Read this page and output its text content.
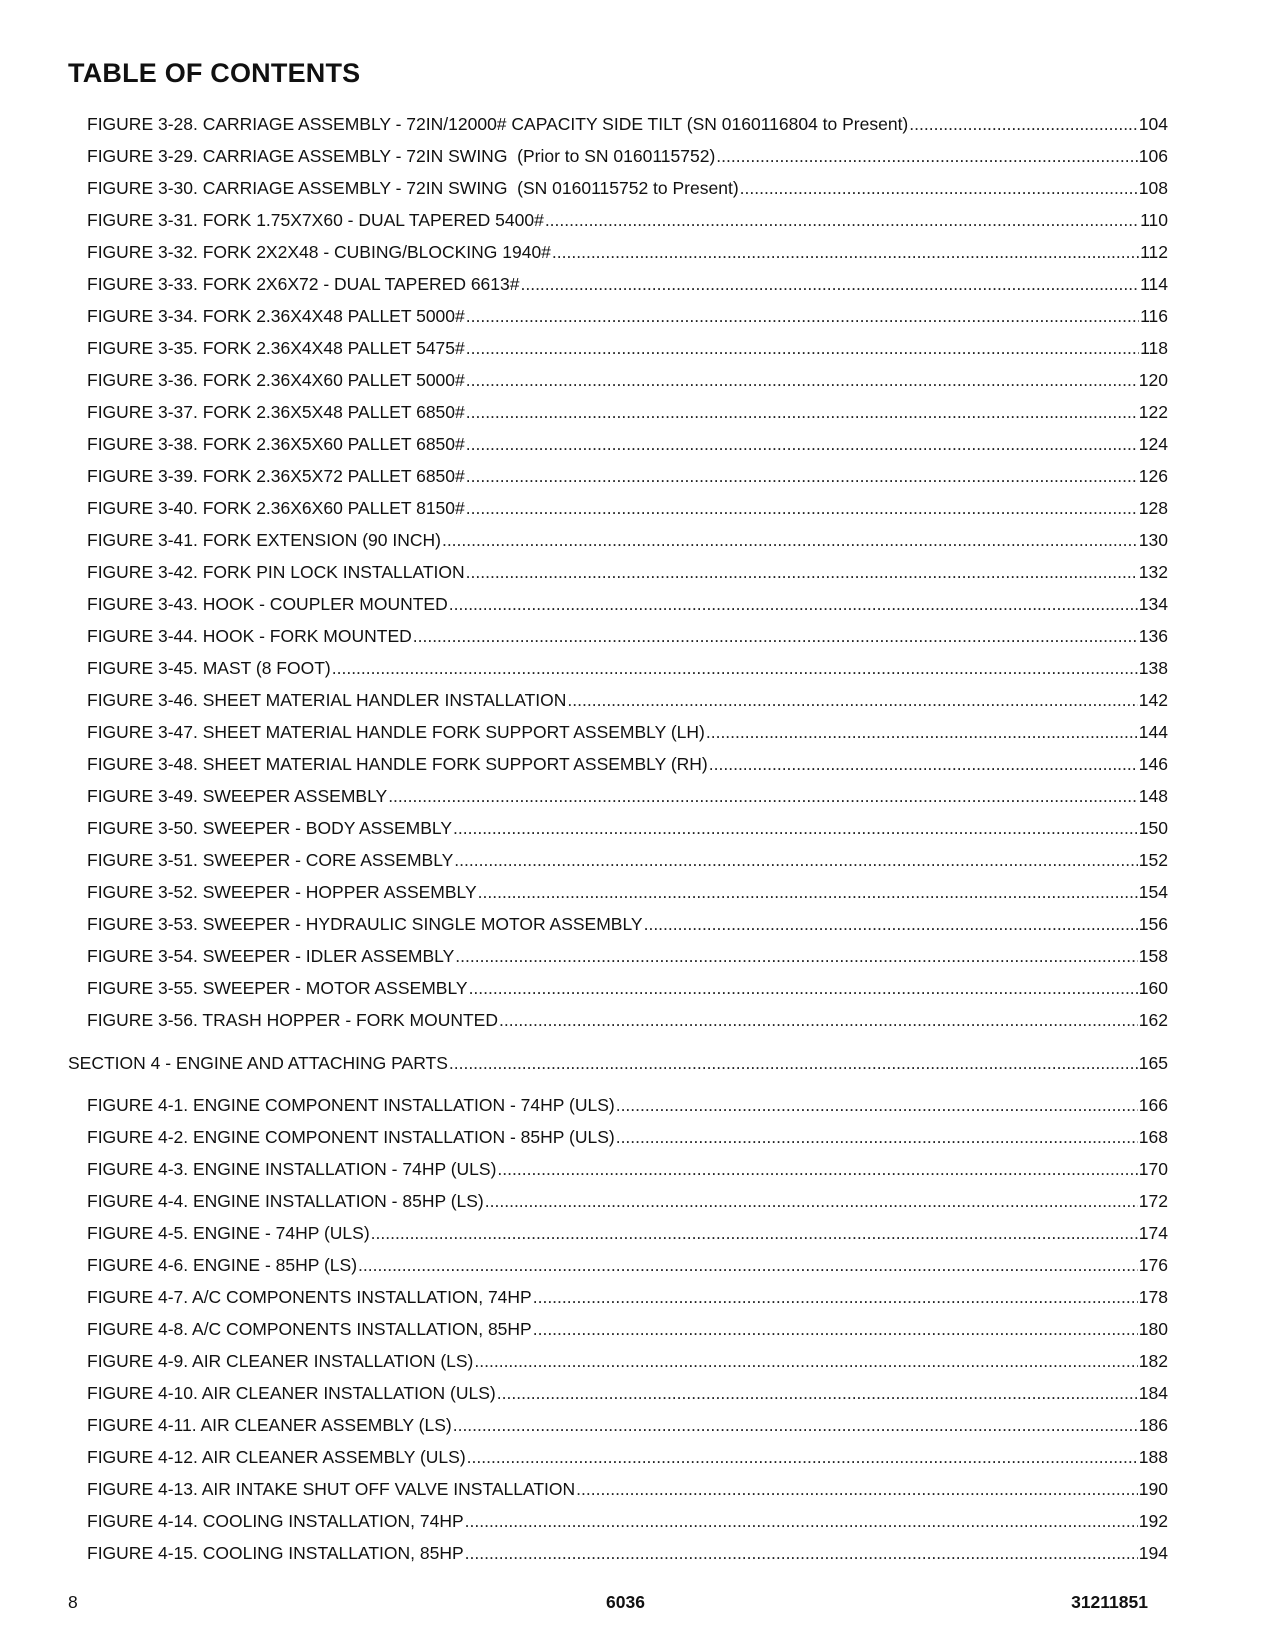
TABLE OF CONTENTS
FIGURE 3-28. CARRIAGE ASSEMBLY - 72IN/12000# CAPACITY SIDE TILT (SN 0160116804 to Present) .....	104
FIGURE 3-29. CARRIAGE ASSEMBLY - 72IN SWING  (Prior to SN 0160115752) .....	106
FIGURE 3-30. CARRIAGE ASSEMBLY - 72IN SWING  (SN 0160115752 to Present) .....	108
FIGURE 3-31. FORK 1.75X7X60 - DUAL TAPERED 5400# .....	110
FIGURE 3-32. FORK 2X2X48 - CUBING/BLOCKING 1940# .....	112
FIGURE 3-33. FORK 2X6X72 - DUAL TAPERED 6613# .....	114
FIGURE 3-34. FORK 2.36X4X48 PALLET 5000# .....	116
FIGURE 3-35. FORK 2.36X4X48 PALLET 5475# .....	118
FIGURE 3-36. FORK 2.36X4X60 PALLET 5000# .....	120
FIGURE 3-37. FORK 2.36X5X48 PALLET 6850# .....	122
FIGURE 3-38. FORK 2.36X5X60 PALLET 6850# .....	124
FIGURE 3-39. FORK 2.36X5X72 PALLET 6850# .....	126
FIGURE 3-40. FORK 2.36X6X60 PALLET 8150# .....	128
FIGURE 3-41. FORK EXTENSION (90 INCH) .....	130
FIGURE 3-42. FORK PIN LOCK INSTALLATION .....	132
FIGURE 3-43. HOOK - COUPLER MOUNTED .....	134
FIGURE 3-44. HOOK - FORK MOUNTED .....	136
FIGURE 3-45. MAST (8 FOOT) .....	138
FIGURE 3-46. SHEET MATERIAL HANDLER INSTALLATION .....	142
FIGURE 3-47. SHEET MATERIAL HANDLE FORK SUPPORT ASSEMBLY (LH) .....	144
FIGURE 3-48. SHEET MATERIAL HANDLE FORK SUPPORT ASSEMBLY (RH) .....	146
FIGURE 3-49. SWEEPER ASSEMBLY .....	148
FIGURE 3-50. SWEEPER - BODY ASSEMBLY .....	150
FIGURE 3-51. SWEEPER - CORE ASSEMBLY .....	152
FIGURE 3-52. SWEEPER - HOPPER ASSEMBLY .....	154
FIGURE 3-53. SWEEPER - HYDRAULIC SINGLE MOTOR ASSEMBLY .....	156
FIGURE 3-54. SWEEPER - IDLER ASSEMBLY .....	158
FIGURE 3-55. SWEEPER - MOTOR ASSEMBLY .....	160
FIGURE 3-56. TRASH HOPPER - FORK MOUNTED .....	162
SECTION 4 - ENGINE AND ATTACHING PARTS .....	165
FIGURE 4-1. ENGINE COMPONENT INSTALLATION - 74HP (ULS) .....	166
FIGURE 4-2. ENGINE COMPONENT INSTALLATION - 85HP (ULS) .....	168
FIGURE 4-3. ENGINE INSTALLATION - 74HP (ULS) .....	170
FIGURE 4-4. ENGINE INSTALLATION - 85HP (LS) .....	172
FIGURE 4-5. ENGINE - 74HP (ULS) .....	174
FIGURE 4-6. ENGINE - 85HP (LS) .....	176
FIGURE 4-7. A/C COMPONENTS INSTALLATION, 74HP .....	178
FIGURE 4-8. A/C COMPONENTS INSTALLATION, 85HP .....	180
FIGURE 4-9. AIR CLEANER INSTALLATION (LS) .....	182
FIGURE 4-10. AIR CLEANER INSTALLATION (ULS) .....	184
FIGURE 4-11. AIR CLEANER ASSEMBLY (LS) .....	186
FIGURE 4-12. AIR CLEANER ASSEMBLY (ULS) .....	188
FIGURE 4-13. AIR INTAKE SHUT OFF VALVE INSTALLATION .....	190
FIGURE 4-14. COOLING INSTALLATION, 74HP .....	192
FIGURE 4-15. COOLING INSTALLATION, 85HP .....	194
8	6036	31211851
